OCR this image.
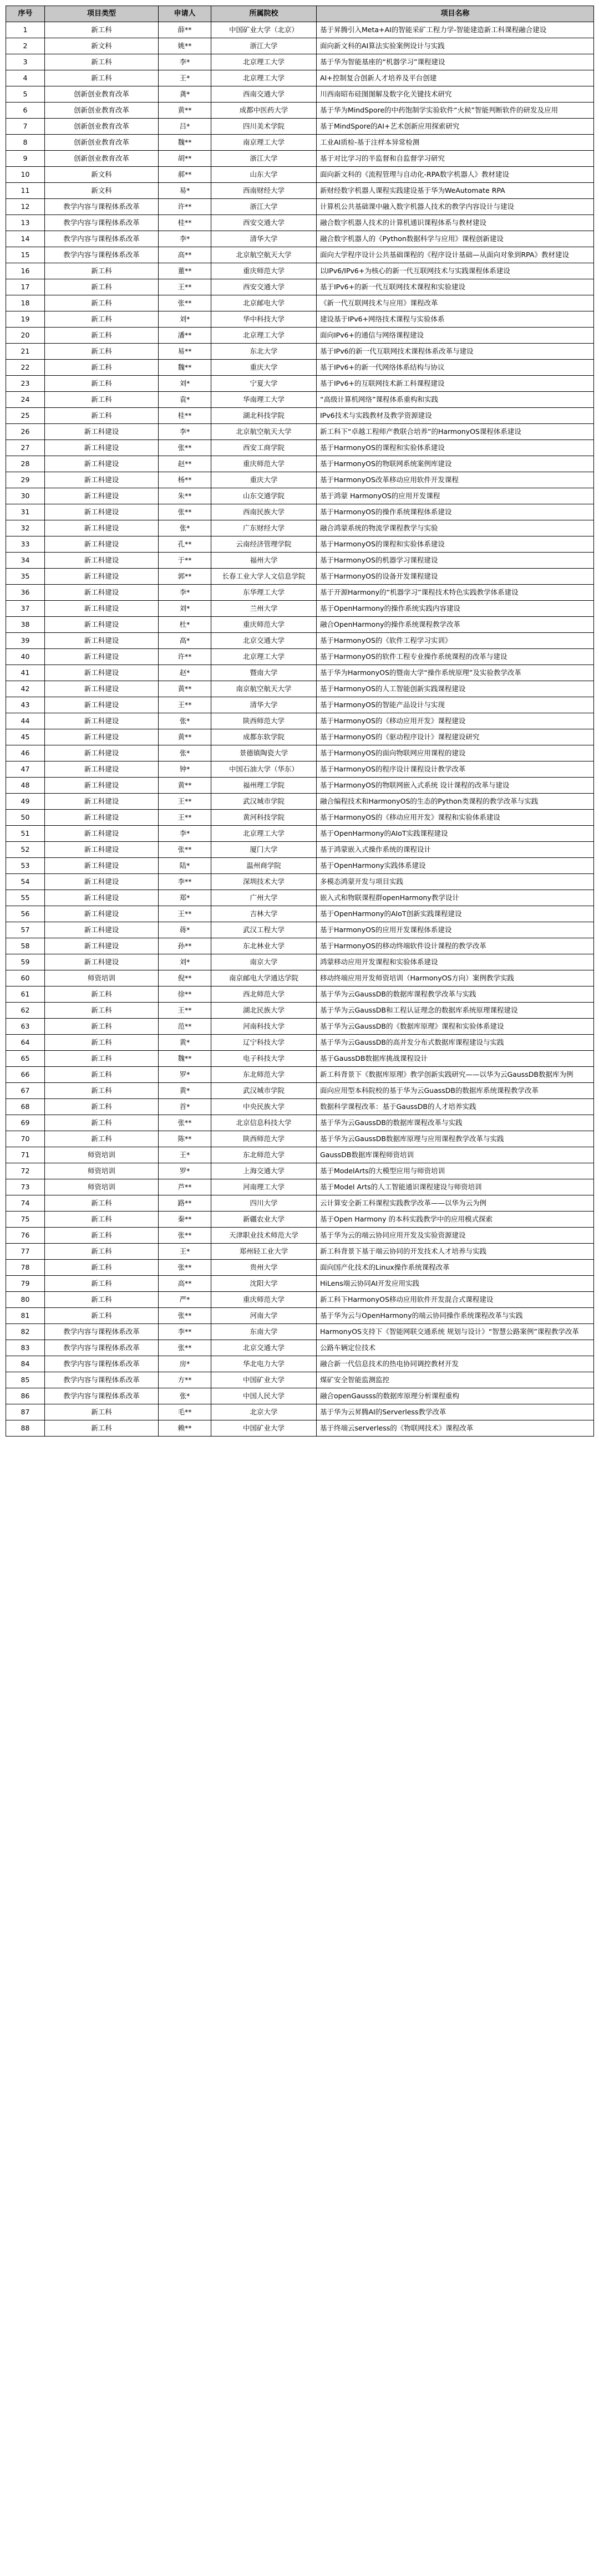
序号	项目类型	申请人	所属院校	项目名称
1	新工科	薛**	中国矿业大学（北京）	基于昇腾引入Meta+AI的智能采矿工程力学-智能建造新工科课程融合建设
2	新文科	姚**	浙江大学	面向新文科的AI算法实验案例设计与实践
3	新工科	李*	北京理工大学	基于华为智能基座的“机器学习”课程建设
4	新工科	王*	北京理工大学	AI+控制复合创新人才培养及平台创建
5	创新创业教育改革	龚*	西南交通大学	川西南昭布硅图图解及数字化关键技术研究
6	创新创业教育改革	黄**	成都中医药大学	基于华为MindSpore的中药饱制学实验软件“火候”智能判断软件的研发及应用
7	创新创业教育改革	吕*	四川美术学院	基于MindSpore的AI+艺术创新应用探索研究
8	创新创业教育改革	魏**	南京理工大学	工业AI质检-基于注样本异常检测
9	创新创业教育改革	胡**	浙江大学	基于对比学习的半监督和自监督学习研究
10	新文科	郝**	山东大学	面向新文科的《流程管理与自动化-RPA数字机器人》教材建设
11	新文科	易*	西南财经大学	新财经数字机器人课程实践建设基于华为WeAutomate RPA
12	教学内容与课程体系改革	许**	浙江大学	计算机公共基础课中融入数字机器人技术的教学内容设计与建设
13	教学内容与课程体系改革	桂**	西安交通大学	融合数字机器人技术的计算机通识课程体系与教材建设
14	教学内容与课程体系改革	李*	清华大学	融合数字机器人的《Python数据科学与应用》课程创新建设
15	教学内容与课程体系改革	高**	北京航空航天大学	面向大学程序设计公共基础课程的《程序设计基础—从面向对象到RPA》教材建设
16	新工科	董**	重庆师范大学	以IPv6/IPv6+为核心的新一代互联网技术与实践课程体系建设
17	新工科	王**	西安交通大学	基于IPv6+的新一代互联网技术课程和实验建设
18	新工科	张**	北京邮电大学	《新一代互联网技术与应用》课程改革
19	新工科	刘*	华中科技大学	建设基于IPv6+网络技术课程与实验体系
20	新工科	潘**	北京理工大学	面向IPv6+的通信与网络课程建设
21	新工科	易**	东北大学	基于IPv6的新一代互联网技术课程体系改革与建设
22	新工科	魏**	重庆大学	基于IPv6+的新一代网络体系结构与协议
23	新工科	刘*	宁夏大学	基于IPv6+的互联网技术新工科课程建设
24	新工科	袁*	华南理工大学	“高级计算机网络”课程体系重构和实践
25	新工科	桂**	湖北科技学院	IPv6技术与实践教材及教学资源建设
26	新工科建设	李*	北京航空航天大学	新工科下“卓越工程师产教联合培养”的HarmonyOS课程体系建设
27	新工科建设	张**	西安工商学院	基于HarmonyOS的课程和实验体系建设
28	新工科建设	赵**	重庆师范大学	基于HarmonyOS的物联网系统案例库建设
29	新工科建设	杨**	重庆大学	基于HarmonyOS改革移动应用软件开发课程
30	新工科建设	朱**	山东交通学院	基于鸿蒙 HarmonyOS的应用开发课程
31	新工科建设	张**	西南民族大学	基于HarmonyOS的操作系统课程体系建设
32	新工科建设	张*	广东财经大学	融合鸿蒙系统的物流学课程教学与实验
33	新工科建设	孔**	云南经济管理学院	基于HarmonyOS的课程和实验体系建设
34	新工科建设	于**	福州大学	基于HarmonyOS的机器学习课程建设
35	新工科建设	郭**	长春工业大学人文信息学院	基于HarmonyOS的设备开发课程建设
36	新工科建设	李*	东华理工大学	基于开源Harmony的“机器学习”课程技术特色实践教学体系建设
37	新工科建设	刘*	兰州大学	基于OpenHarmony的操作系统实践内容建设
38	新工科建设	杜*	重庆师范大学	融合OpenHarmony的操作系统课程教学改革
39	新工科建设	高*	北京交通大学	基于HarmonyOS的《软件工程学习实训》
40	新工科建设	许**	北京理工大学	基于HarmonyOS的软件工程专业操作系统课程的改革与建设
41	新工科建设	赵*	暨南大学	基于华为HarmonyOS的暨南大学“操作系统原理”及实验教学改革
42	新工科建设	黄**	南京航空航天大学	基于HarmonyOS的人工智能创新实践课程建设
43	新工科建设	王**	清华大学	基于HarmonyOS的智能产品设计与实现
44	新工科建设	张*	陕西师范大学	基于HarmonyOS的《移动应用开发》课程建设
45	新工科建设	黄**	成都东软学院	基于HarmonyOS的《驱动程序设计》课程建设研究
46	新工科建设	张*	景德镇陶瓷大学	基于HarmonyOS的面向物联网应用课程的建设
47	新工科建设	钟*	中国石油大学（华东）	基于HarmonyOS的程序设计课程设计教学改革
48	新工科建设	黄**	福州理工学院	基于HarmonyOS的物联网嵌入式系统 设计课程的改革与建设
49	新工科建设	王**	武汉城市学院	融合编程技术和HarmonyOS的生态的Python类课程的教学改革与实践
50	新工科建设	王**	黄河科技学院	基于HarmonyOS的《移动应用开发》课程和实验体系建设
51	新工科建设	李*	北京理工大学	基于OpenHarmony的AIoT实践课程建设
52	新工科建设	张**	厦门大学	基于鸿蒙嵌入式操作系统的课程设计
53	新工科建设	陆*	温州商学院	基于OpenHarmony实践体系建设
54	新工科建设	李**	深圳技术大学	多模态鸿蒙开发与项目实践
55	新工科建设	郑*	广州大学	嵌入式和物联课程群openHarmony教学设计
56	新工科建设	王**	吉林大学	基于OpenHarmony的AIoT创新实践课程建设
57	新工科建设	蒋*	武汉工程大学	基于HarmonyOS的应用开发课程体系建设
58	新工科建设	孙**	东北林业大学	基于HarmonyOS的移动终端软件设计课程的教学改革
59	新工科建设	刘*	南京大学	鸿蒙移动应用开发课程和实验体系建设
60	师资培训	倪**	南京邮电大学通达学院	移动终端应用开发师资培训（HarmonyOS方向）案例教学实践
61	新工科	徐**	西北师范大学	基于华为云GaussDB的数据库课程教学改革与实践
62	新工科	王**	湖北民族大学	基于华为云GaussDB和工程认证理念的数据库系统原理课程建设
63	新工科	范**	河南科技大学	基于华为云GaussDB的《数据库原理》课程和实验体系建设
64	新工科	黄*	辽宁科技大学	基于华为云GaussDB的高并发分布式数据库课程建设与实践
65	新工科	魏**	电子科技大学	基于GaussDB数据库挑战课程设计
66	新工科	罗*	东北师范大学	新工科背景下《数据库原理》教学创新实践研究——以华为云GaussDB数据库为例
67	新工科	黄*	武汉城市学院	面向应用型本科院校的基于华为云GuassDB的数据库系统课程教学改革
68	新工科	首*	中央民族大学	数据科学课程改革：基于GaussDB的人才培养实践
69	新工科	张**	北京信息科技大学	基于华为云GaussDB的数据库课程改革与实践
70	新工科	陈**	陕西师范大学	基于华为云GaussDB数据库原理与应用课程教学改革与实践
71	师资培训	王*	东北师范大学	GaussDB数据库课程师资培训
72	师资培训	罗*	上海交通大学	基于ModelArts的大模型应用与师资培训
73	师资培训	芦**	河南理工大学	基于Model Arts的人工智能通识课程建设与师资培训
74	新工科	路**	四川大学	云计算安全新工科课程实践教学改革——以华为云为例
75	新工科	秦**	新疆农业大学	基于Open Harmony 的本科实践教学中的应用模式探索
76	新工科	张**	天津职业技术师范大学	基于华为云的端云协同应用开发及实验资源建设
77	新工科	王*	郑州轻工业大学	新工科背景下基于端云协同的开发技术人才培养与实践
78	新工科	张**	贵州大学	面向国产化技术的Linux操作系统课程改革
79	新工科	高**	沈阳大学	HiLens端云协同AI开发应用实践
80	新工科	严*	重庆师范大学	新工科下HarmonyOS移动应用软件开发混合式课程建设
81	新工科	张**	河南大学	基于华为云与OpenHarmony的端云协同操作系统课程改革与实践
82	教学内容与课程体系改革	李**	东南大学	HarmonyOS支持下《智能网联交通系统 规划与设计》“智慧公路案例”课程教学改革
83	教学内容与课程体系改革	张**	北京交通大学	公路车辆定位技术
84	教学内容与课程体系改革	房*	华北电力大学	融合新一代信息技术的热电协同调控教材开发
85	教学内容与课程体系改革	方**	中国矿业大学	煤矿安全智能监测监控
86	教学内容与课程体系改革	张*	中国人民大学	融合openGausss的数据库原理分析课程重构
87	新工科	毛**	北京大学	基于华为云昇腾AI的Serverless教学改革
88	新工科	赖**	中国矿业大学	基于终端云serverless的《物联网技术》课程改革
